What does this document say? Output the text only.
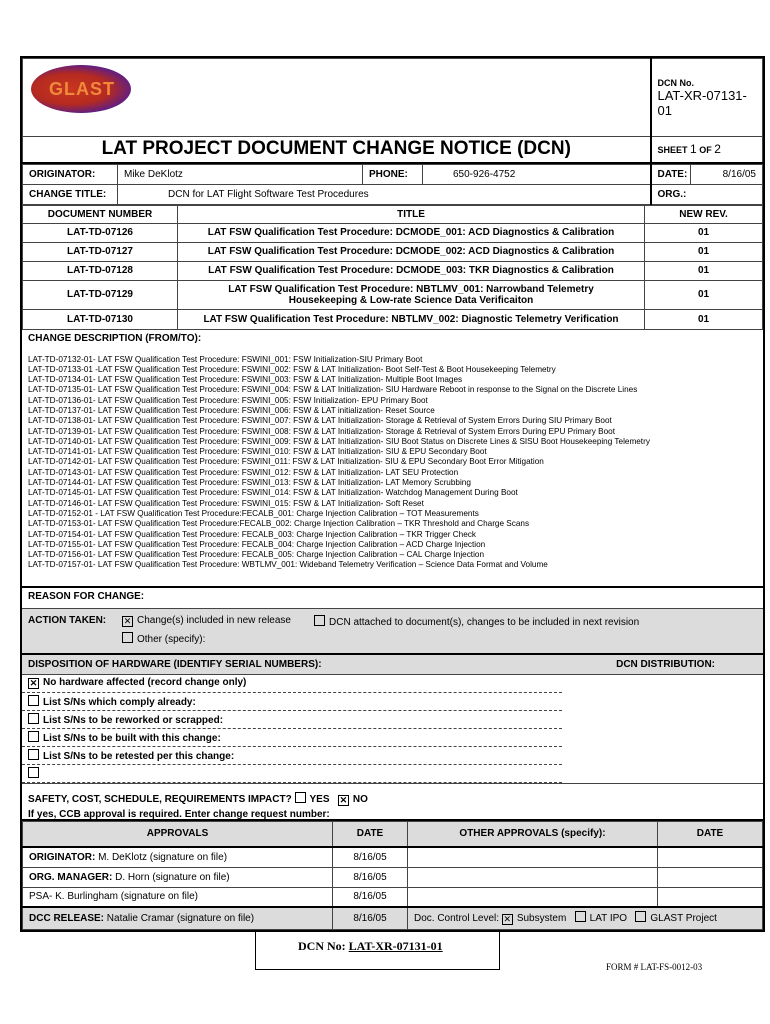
GLAST	DCN No.
LAT-XR-07131-01

LAT PROJECT DOCUMENT CHANGE NOTICE (DCN)	SHEET 1 OF 2
ORIGINATOR:	Mike DeKlotz	PHONE:	650-926-4752	DATE:	8/16/05
CHANGE TITLE:	DCN for LAT Flight Software Test Procedures			ORG.:	
DOCUMENT NUMBER	TITLE	NEW REV.
LAT-TD-07126	LAT FSW Qualification Test Procedure: DCMODE_001: ACD Diagnostics & Calibration	01
LAT-TD-07127	LAT FSW Qualification Test Procedure: DCMODE_002: ACD Diagnostics & Calibration	01
LAT-TD-07128	LAT FSW Qualification Test Procedure: DCMODE_003: TKR Diagnostics & Calibration	01
LAT-TD-07129	LAT FSW Qualification Test Procedure: NBTLMV_001: Narrowband Telemetry Housekeeping & Low-rate Science Data Verificaiton	01
LAT-TD-07130	LAT FSW Qualification Test Procedure: NBTLMV_002: Diagnostic Telemetry Verification	01
CHANGE DESCRIPTION (FROM/TO):
LAT-TD-07132-01- LAT FSW Qualification Test Procedure: FSWINI_001: FSW Initialization-SIU Primary Boot
LAT-TD-07133-01 -LAT FSW Qualification Test Procedure: FSWINI_002: FSW & LAT Initialization- Boot Self-Test & Boot Housekeeping Telemetry
LAT-TD-07134-01- LAT FSW Qualification Test Procedure: FSWINI_003: FSW & LAT Initialization- Multiple Boot Images
LAT-TD-07135-01- LAT FSW Qualification Test Procedure: FSWINI_004: FSW & LAT Initialization- SIU Hardware Reboot in response to the Signal on the Discrete Lines
LAT-TD-07136-01- LAT FSW Qualification Test Procedure: FSWINI_005: FSW Initialization- EPU Primary Boot
LAT-TD-07137-01- LAT FSW Qualification Test Procedure: FSWINI_006: FSW & LAT initialization- Reset Source
LAT-TD-07138-01- LAT FSW Qualification Test Procedure: FSWINI_007: FSW & LAT Initialization- Storage & Retrieval of System Errors During SIU Primary Boot
LAT-TD-07139-01- LAT FSW Qualification Test Procedure: FSWINI_008: FSW & LAT Initialization- Storage & Retrieval of System Errors During EPU Primary Boot
LAT-TD-07140-01- LAT FSW Qualification Test Procedure: FSWINI_009: FSW & LAT Initialization- SIU Boot Status on Discrete Lines & SISU Boot Housekeeping Telemetry
LAT-TD-07141-01- LAT FSW Qualification Test Procedure: FSWINI_010: FSW & LAT Initialization- SIU & EPU Secondary Boot
LAT-TD-07142-01- LAT FSW Qualification Test Procedure: FSWINI_011: FSW & LAT Initialization- SIU & EPU Secondary Boot Error Mitigation
LAT-TD-07143-01- LAT FSW Qualification Test Procedure: FSWINI_012: FSW & LAT Initialization- LAT SEU Protection
LAT-TD-07144-01- LAT FSW Qualification Test Procedure: FSWINI_013: FSW & LAT Initialization- LAT Memory Scrubbing
LAT-TD-07145-01- LAT FSW Qualification Test Procedure: FSWINI_014: FSW & LAT Initialization- Watchdog Management During Boot
LAT-TD-07146-01- LAT FSW Qualification Test Procedure: FSWINI_015: FSW & LAT Initialization- Soft Reset
LAT-TD-07152-01 - LAT FSW Qualification Test Procedure:FECALB_001: Charge Injection Calibration – TOT Measurements
LAT-TD-07153-01- LAT FSW Qualification Test Procedure:FECALB_002: Charge Injection Calibration – TKR Threshold and Charge Scans
LAT-TD-07154-01- LAT FSW Qualification Test Procedure: FECALB_003: Charge Injection Calibration – TKR Trigger Check
LAT-TD-07155-01- LAT FSW Qualification Test Procedure: FECALB_004: Charge Injection Calibration – ACD Charge Injection
LAT-TD-07156-01- LAT FSW Qualification Test Procedure: FECALB_005: Charge Injection Calibration – CAL Charge Injection
LAT-TD-07157-01- LAT FSW Qualification Test Procedure: WBTLMV_001: Wideband Telemetry Verification – Science Data Format and Volume
REASON FOR CHANGE:
ACTION TAKEN: ✕ Change(s) included in new release	DCN attached to document(s), changes to be included in next revision
Other (specify):
DISPOSITION OF HARDWARE (IDENTIFY SERIAL NUMBERS):	DCN DISTRIBUTION:
✕ No hardware affected (record change only)
List S/Ns which comply already:
List S/Ns to be reworked or scrapped:
List S/Ns to be built with this change:
List S/Ns to be retested per this change:

SAFETY, COST, SCHEDULE, REQUIREMENTS IMPACT? YES ✕ NO
If yes, CCB approval is required. Enter change request number:
APPROVALS	DATE	OTHER APPROVALS (specify):	DATE
ORIGINATOR: M. DeKlotz (signature on file)	8/16/05		
ORG. MANAGER: D. Horn (signature on file)	8/16/05		
PSA- K. Burlingham (signature on file)	8/16/05		
DCC RELEASE: Natalie Cramar (signature on file)	8/16/05	Doc. Control Level: ✕ Subsystem LAT IPO GLAST Project	
DCN No: LAT-XR-07131-01
FORM # LAT-FS-0012-03
